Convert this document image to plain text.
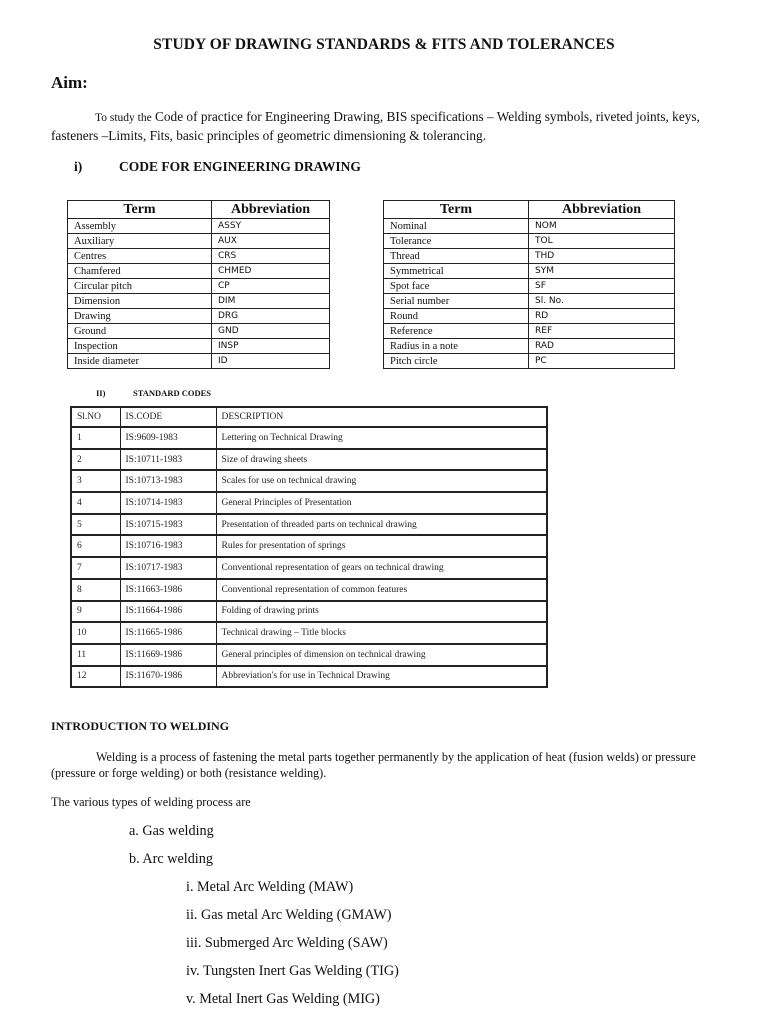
STUDY OF DRAWING STANDARDS & FITS AND TOLERANCES
Aim:
To study the Code of practice for Engineering Drawing, BIS specifications – Welding symbols, riveted joints, keys, fasteners –Limits, Fits, basic principles of geometric dimensioning & tolerancing.
i)	CODE FOR ENGINEERING DRAWING
Term	Abbreviation
Assembly	ASSY
Auxiliary	AUX
Centres	CRS
Chamfered	CHMED
Circular pitch	CP
Dimension	DIM
Drawing	DRG
Ground	GND
Inspection	INSP
Inside diameter	ID
Term	Abbreviation
Nominal	NOM
Tolerance	TOL
Thread	THD
Symmetrical	SYM
Spot face	SF
Serial number	Sl. No.
Round	RD
Reference	REF
Radius in a note	RAD
Pitch circle	PC
II)	STANDARD CODES
Sl.NO	IS.CODE	DESCRIPTION
1	IS:9609-1983	Lettering on Technical Drawing
2	IS:10711-1983	Size of drawing sheets
3	IS:10713-1983	Scales for use on technical drawing
4	IS:10714-1983	General Principles of Presentation
5	IS:10715-1983	Presentation of threaded parts on technical drawing
6	IS:10716-1983	Rules for presentation of springs
7	IS:10717-1983	Conventional representation of gears on technical drawing
8	IS:11663-1986	Conventional representation of common features
9	IS:11664-1986	Folding of drawing prints
10	IS:11665-1986	Technical drawing – Title blocks
11	IS:11669-1986	General principles of dimension on technical drawing
12	IS:11670-1986	Abbreviation's for use in Technical Drawing
INTRODUCTION TO WELDING
Welding is a process of fastening the metal parts together permanently by the application of heat (fusion welds) or pressure (pressure or forge welding) or both (resistance welding).
The various types of welding process are
a. Gas welding
b. Arc welding
i. Metal Arc Welding (MAW)
ii. Gas metal Arc Welding (GMAW)
iii. Submerged Arc Welding (SAW)
iv. Tungsten Inert Gas Welding (TIG)
v. Metal Inert Gas Welding (MIG)
